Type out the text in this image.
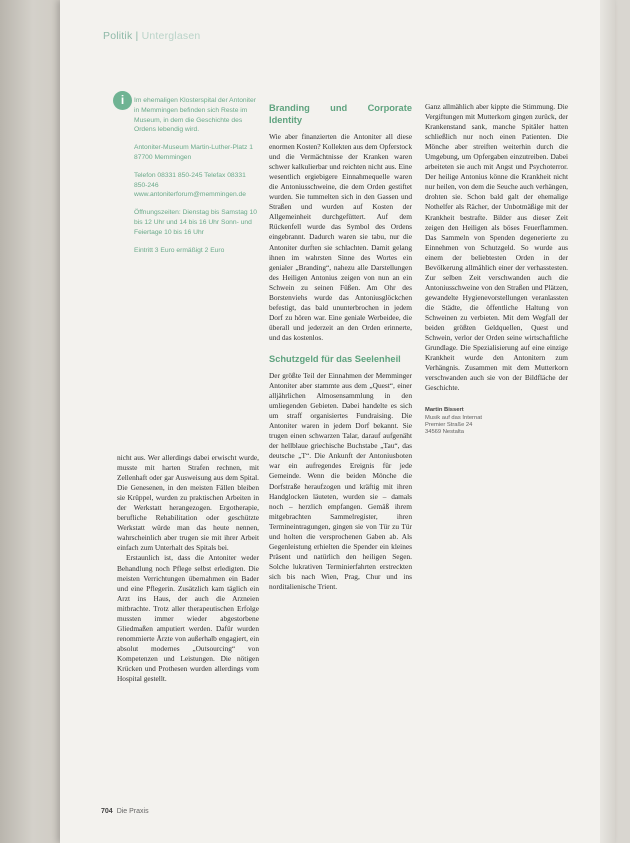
Politik | Unterglasen
i	Im ehemaligen Klosterspital der Antoniter in Memmingen befinden sich Reste im Museum, in dem die Geschichte des Ordens lebendig wird.

Antoniter-Museum Martin-Luther-Platz 1 87700 Memmingen

Telefon 08331 850-245 Telefax 08331 850-246 www.antoniterforum@memmingen.de

Öffnungszeiten: Dienstag bis Samstag 10 bis 12 Uhr und 14 bis 16 Uhr Sonn- und Feiertage 10 bis 16 Uhr

Eintritt 3 Euro ermäßigt 2 Euro

nicht aus. Wer allerdings dabei erwischt wurde, musste mit harten Strafen rechnen, mit Zellenhaft oder gar Ausweisung aus dem Spital. Die Genesenen, in den meisten Fällen bleiben sie Krüppel, wurden zu praktischen Arbeiten in der Werkstatt herangezogen. Ergotherapie, berufliche Rehabilitation oder geschützte Werkstatt würde man das heute nennen, wahrscheinlich aber trugen sie mit ihrer Arbeit einfach zum Unterhalt des Spitals bei.

Erstaunlich ist, dass die Antoniter weder Behandlung noch Pflege selbst erledigten. Die meisten Verrichtungen übernahmen ein Bader und eine Pflegerin. Zusätzlich kam täglich ein Arzt ins Haus, der auch die Arzneien mitbrachte. Trotz aller therapeutischen Erfolge mussten immer wieder abgestorbene Gliedmaßen amputiert werden. Dafür wurden renommierte Ärzte von außerhalb engagiert, ein absolut modernes „Outsourcing“ von Kompetenzen und Leistungen. Die nötigen Krücken und Prothesen wurden allerdings vom Hospital gestellt.

Branding und Corporate Identity

Wie aber finanzierten die Antoniter all diese enormen Kosten? Kollekten aus dem Opferstock und die Vermächtnisse der Kranken waren schwer kalkulierbar und reichten nicht aus. Eine wesentlich ergiebigere Einnahmequelle waren die Antoniusschweine, die dem Orden gestiftet wurden. Sie tummelten sich in den Gassen und Straßen und wurden auf Kosten der Allgemeinheit durchgefüttert. Auf dem Rückenfell wurde das Symbol des Ordens eingebrannt. Dadurch waren sie tabu, nur die Antoniter durften sie schlachten. Damit gelang ihnen im wahrsten Sinne des Wortes ein genialer „Branding“, nahezu alle Darstellungen des Heiligen Antonius zeigen von nun an ein Schwein zu seinen Füßen. Am Ohr des Borstenviehs wurde das Antoniusglöckchen befestigt, das bald ununterbrochen in jedem Dorf zu hören war. Eine geniale Werbeidee, die überall und jederzeit an den Orden erinnerte, und das kostenlos.

Schutzgeld für das Seelenheil

Der größte Teil der Einnahmen der Memminger Antoniter aber stammte aus dem „Quest“, einer alljährlichen Almosensammlung in den umliegenden Gebieten. Dabei handelte es sich um straff organisiertes Fundraising. Die Antoniter waren in jedem Dorf bekannt. Sie trugen einen schwarzen Talar, darauf aufgenäht der hellblaue griechische Buchstabe „Tau“, das deutsche „T“. Die Ankunft der Antoniusboten war ein aufregendes Ereignis für jede Gemeinde. Wenn die beiden Mönche die Dorfstraße heraufzogen und kräftig mit ihren Handglocken läuteten, wurden sie – damals noch – herzlich empfangen. Gemäß ihrem mitgebrachten Sammelregister, ihren Termineintragungen, gingen sie von Tür zu Tür und holten die versprochenen Gaben ab. Als Gegenleistung erhielten die Spender ein kleines Präsent und natürlich den heiligen Segen. Solche lukrativen Terminierfahrten erstreckten sich bis nach Wien, Prag, Chur und ins norditalienische Trient.

Ganz allmählich aber kippte die Stimmung. Die Vergiftungen mit Mutterkorn gingen zurück, der Krankenstand sank, manche Spitäler hatten schließlich nur noch einen Patienten. Die Mönche aber streiften weiterhin durch die Umgebung, um Opfergaben einzutreiben. Dabei arbeiteten sie auch mit Angst und Psychoterror. Der heilige Antonius könne die Krankheit nicht nur heilen, von dem die Seuche auch verhängen, drohten sie. Schon bald galt der ehemalige Nothelfer als Rächer, der Unbotmäßige mit der Krankheit bestrafte. Bilder aus dieser Zeit zeigen den Heiligen als böses Feuerflammen. Das Sammeln von Spenden degenerierte zu Einnehmen von Schutzgeld. So wurde aus einem der beliebtesten Orden in der Bevölkerung allmählich einer der verhasstesten. Zur selben Zeit verschwanden auch die Antoniusschweine von den Straßen und Plätzen, gewandelte Hygienevorstellungen veranlassten die Städte, die öffentliche Haltung von Schweinen zu verbieten. Mit dem Wegfall der beiden größten Geldquellen, Quest und Schwein, verlor der Orden seine wirtschaftliche Grundlage. Die Spezialisierung auf eine einzige Krankheit wurde den Antonitern zum Verhängnis. Zusammen mit dem Mutterkorn verschwanden auch sie von der Bildfläche der Geschichte.

Martin Bissert
Musik auf das Internat
Premier Straße 24
34569 Nestalta
704 Die Praxis
